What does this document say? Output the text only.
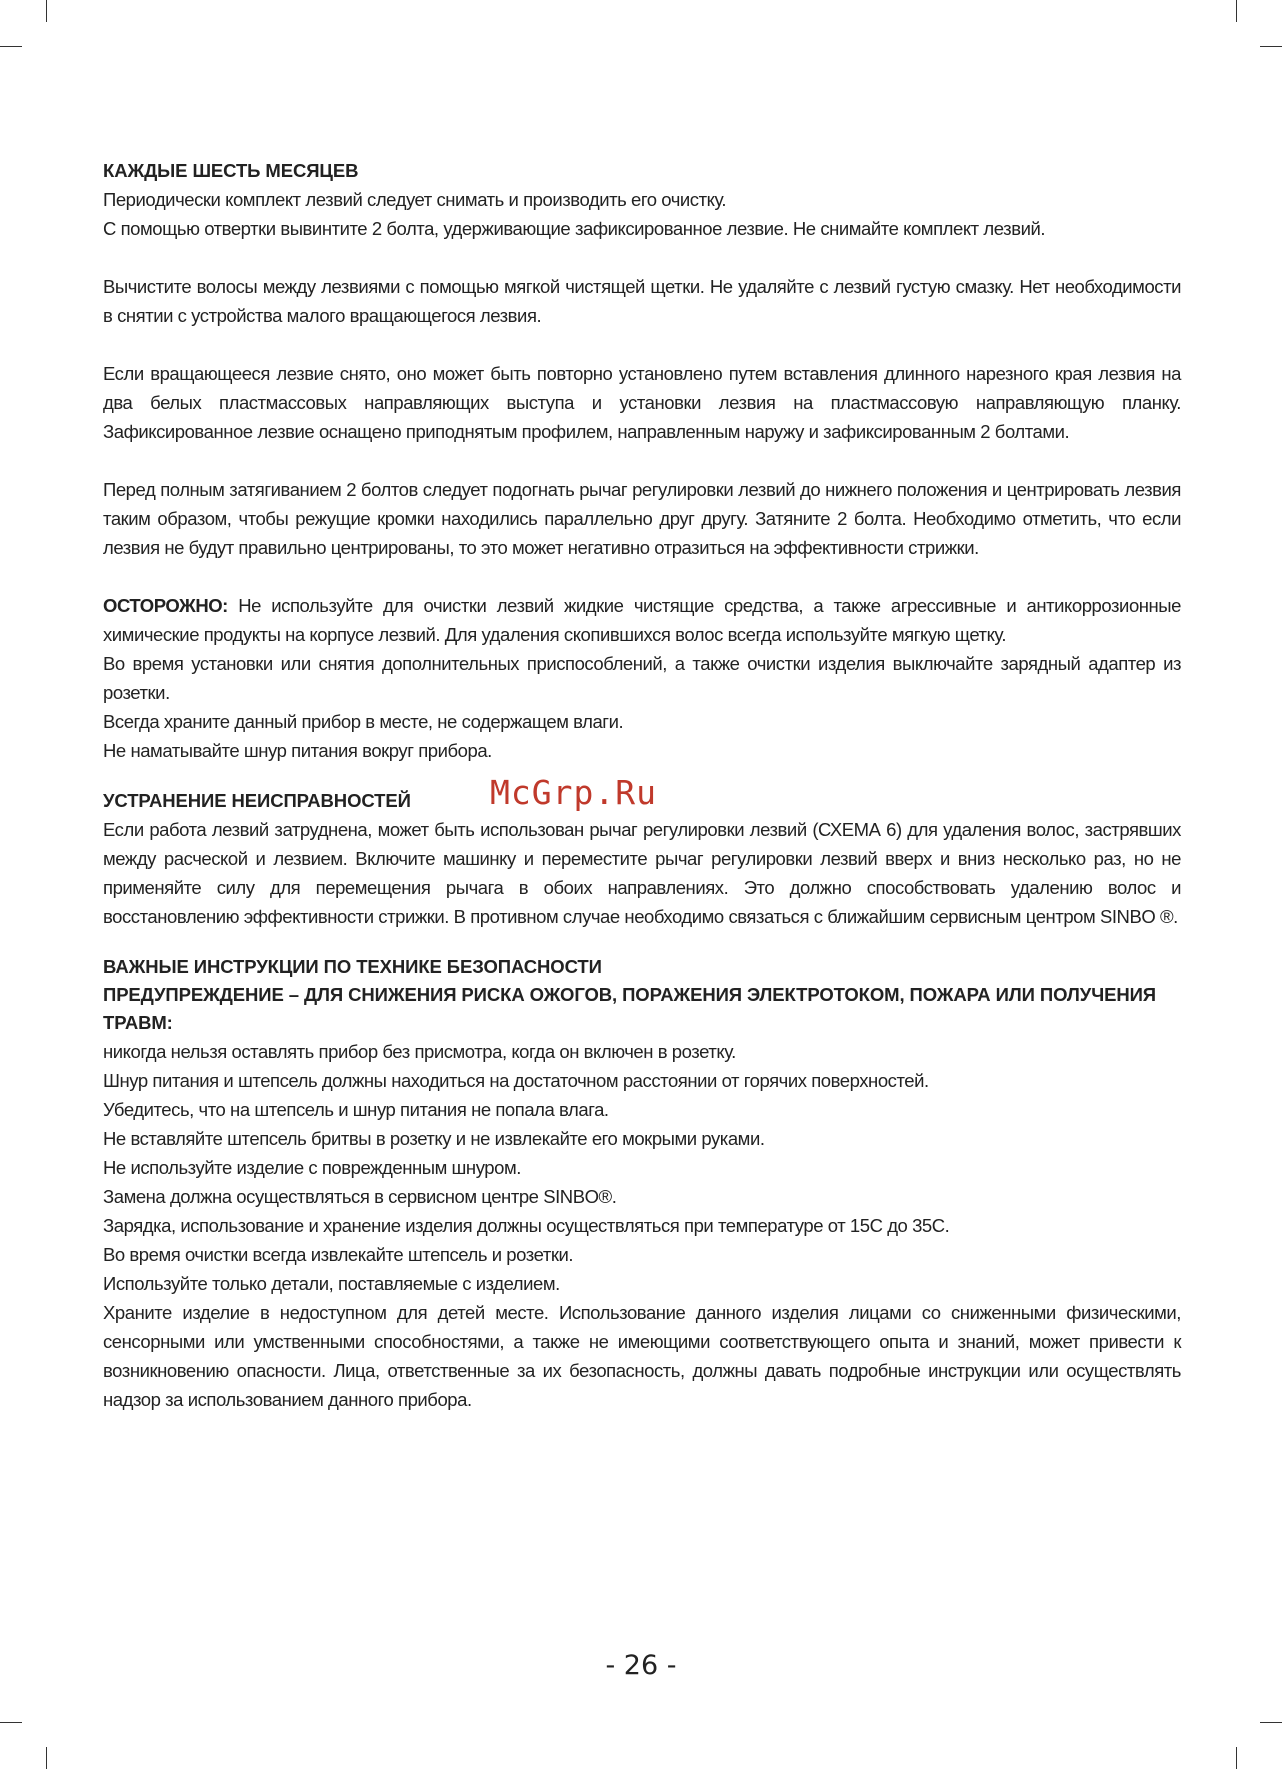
КАЖДЫЕ ШЕСТЬ МЕСЯЦЕВ

Периодически комплект лезвий следует снимать и производить его очистку.

С помощью отвертки вывинтите 2 болта, удерживающие зафиксированное лезвие. Не снимайте комплект лезвий.

Вычистите волосы между лезвиями с помощью мягкой чистящей щетки. Не удаляйте с лезвий густую смазку. Нет необходимости в снятии с устройства малого вращающегося лезвия.

Если вращающееся лезвие снято, оно может быть повторно установлено путем вставления длинного нарезного края лезвия на два белых пластмассовых направляющих выступа и установки лезвия на пластмассовую направляющую планку. Зафиксированное лезвие оснащено приподнятым профилем, направленным наружу и зафиксированным 2 болтами.

Перед полным затягиванием 2 болтов следует подогнать рычаг регулировки лезвий до нижнего положения и центрировать лезвия таким образом, чтобы режущие кромки находились параллельно друг другу. Затяните 2 болта. Необходимо отметить, что если лезвия не будут правильно центрированы, то это может негативно отразиться на эффективности стрижки.

ОСТОРОЖНО: Не используйте для очистки лезвий жидкие чистящие средства, а также агрессивные и антикоррозионные химические продукты на корпусе лезвий. Для удаления скопившихся волос всегда используйте мягкую щетку.

Во время установки или снятия дополнительных приспособлений, а также очистки изделия выключайте зарядный адаптер из розетки.

Всегда храните данный прибор в месте, не содержащем влаги.

Не наматывайте шнур питания вокруг прибора.

УСТРАНЕНИЕ НЕИСПРАВНОСТЕЙ	McGrp.Ru

Если работа лезвий затруднена, может быть использован рычаг регулировки лезвий (СХЕМА 6) для удаления волос, застрявших между расческой и лезвием. Включите машинку и переместите рычаг регулировки лезвий вверх и вниз несколько раз, но не применяйте силу для перемещения рычага в обоих направлениях. Это должно способствовать удалению волос и восстановлению эффективности стрижки. В противном случае необходимо связаться с ближайшим сервисным центром SINBO ®.

ВАЖНЫЕ ИНСТРУКЦИИ ПО ТЕХНИКЕ БЕЗОПАСНОСТИ

ПРЕДУПРЕЖДЕНИЕ – ДЛЯ СНИЖЕНИЯ РИСКА ОЖОГОВ, ПОРАЖЕНИЯ ЭЛЕКТРОТОКОМ, ПОЖАРА ИЛИ ПОЛУЧЕНИЯ ТРАВМ:

никогда нельзя оставлять прибор без присмотра, когда он включен в розетку.

Шнур питания и штепсель должны находиться на достаточном расстоянии от горячих поверхностей.

Убедитесь, что на штепсель и шнур питания не попала влага.

Не вставляйте штепсель бритвы в розетку и не извлекайте его мокрыми руками.

Не используйте изделие с поврежденным шнуром.

Замена должна осуществляться в сервисном центре SINBO®.

Зарядка, использование и хранение изделия должны осуществляться при температуре от 15С до 35С.

Во время очистки всегда извлекайте штепсель и розетки.

Используйте только детали, поставляемые с изделием.

Храните изделие в недоступном для детей месте. Использование данного изделия лицами со сниженными физическими, сенсорными или умственными способностями, а также не имеющими соответствующего опыта и знаний, может привести к возникновению опасности. Лица, ответственные за их безопасность, должны давать подробные инструкции или осуществлять надзор за использованием данного прибора.

- 26 -
